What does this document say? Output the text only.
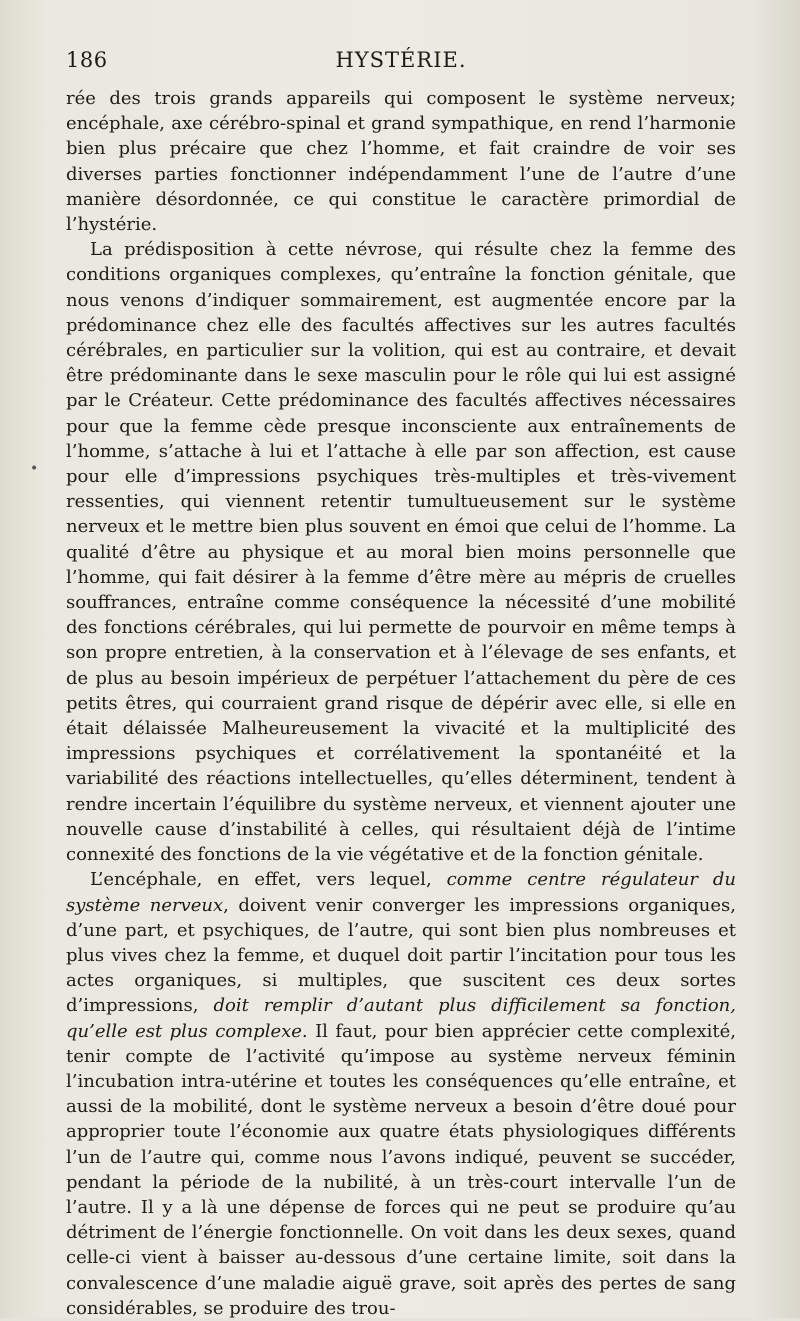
186	HYSTÉRIE.
•

rée des trois grands appareils qui composent le système nerveux; encéphale, axe cérébro-spinal et grand sympathique, en rend l’harmonie bien plus précaire que chez l’homme, et fait craindre de voir ses diverses parties fonctionner indépendamment l’une de l’autre d’une manière désordonnée, ce qui constitue le caractère primordial de l’hystérie.

La prédisposition à cette névrose, qui résulte chez la femme des conditions organiques complexes, qu’entraîne la fonction génitale, que nous venons d’indiquer sommairement, est augmentée encore par la prédominance chez elle des facultés affectives sur les autres facultés cérébrales, en particulier sur la volition, qui est au contraire, et devait être prédominante dans le sexe masculin pour le rôle qui lui est assigné par le Créateur. Cette prédominance des facultés affectives nécessaires pour que la femme cède presque inconsciente aux entraînements de l’homme, s’attache à lui et l’attache à elle par son affection, est cause pour elle d’impressions psychiques très-multiples et très-vivement ressenties, qui viennent retentir tumultueusement sur le système nerveux et le mettre bien plus souvent en émoi que celui de l’homme. La qualité d’être au physique et au moral bien moins personnelle que l’homme, qui fait désirer à la femme d’être mère au mépris de cruelles souffrances, entraîne comme conséquence la nécessité d’une mobilité des fonctions cérébrales, qui lui permette de pourvoir en même temps à son propre entretien, à la conservation et à l’élevage de ses enfants, et de plus au besoin impérieux de perpétuer l’attachement du père de ces petits êtres, qui courraient grand risque de dépérir avec elle, si elle en était délaissée Malheureusement la vivacité et la multiplicité des impressions psychiques et corrélativement la spontanéité et la variabilité des réactions intellectuelles, qu’elles déterminent, tendent à rendre incertain l’équilibre du système nerveux, et viennent ajouter une nouvelle cause d’instabilité à celles, qui résultaient déjà de l’intime connexité des fonctions de la vie végétative et de la fonction génitale.

L’encéphale, en effet, vers lequel, comme centre régulateur du système nerveux, doivent venir converger les impressions organiques, d’une part, et psychiques, de l’autre, qui sont bien plus nombreuses et plus vives chez la femme, et duquel doit partir l’incitation pour tous les actes organiques, si multiples, que suscitent ces deux sortes d’impressions, doit remplir d’autant plus difficilement sa fonction, qu’elle est plus complexe. Il faut, pour bien apprécier cette complexité, tenir compte de l’activité qu’impose au système nerveux féminin l’incubation intra-utérine et toutes les conséquences qu’elle entraîne, et aussi de la mobilité, dont le système nerveux a besoin d’être doué pour approprier toute l’économie aux quatre états physiologiques différents l’un de l’autre qui, comme nous l’avons indiqué, peuvent se succéder, pendant la période de la nubilité, à un très-court intervalle l’un de l’autre. Il y a là une dépense de forces qui ne peut se produire qu’au détriment de l’énergie fonctionnelle. On voit dans les deux sexes, quand celle-ci vient à baisser au-dessous d’une certaine limite, soit dans la convalescence d’une maladie aiguë grave, soit après des pertes de sang considérables, se produire des trou-
